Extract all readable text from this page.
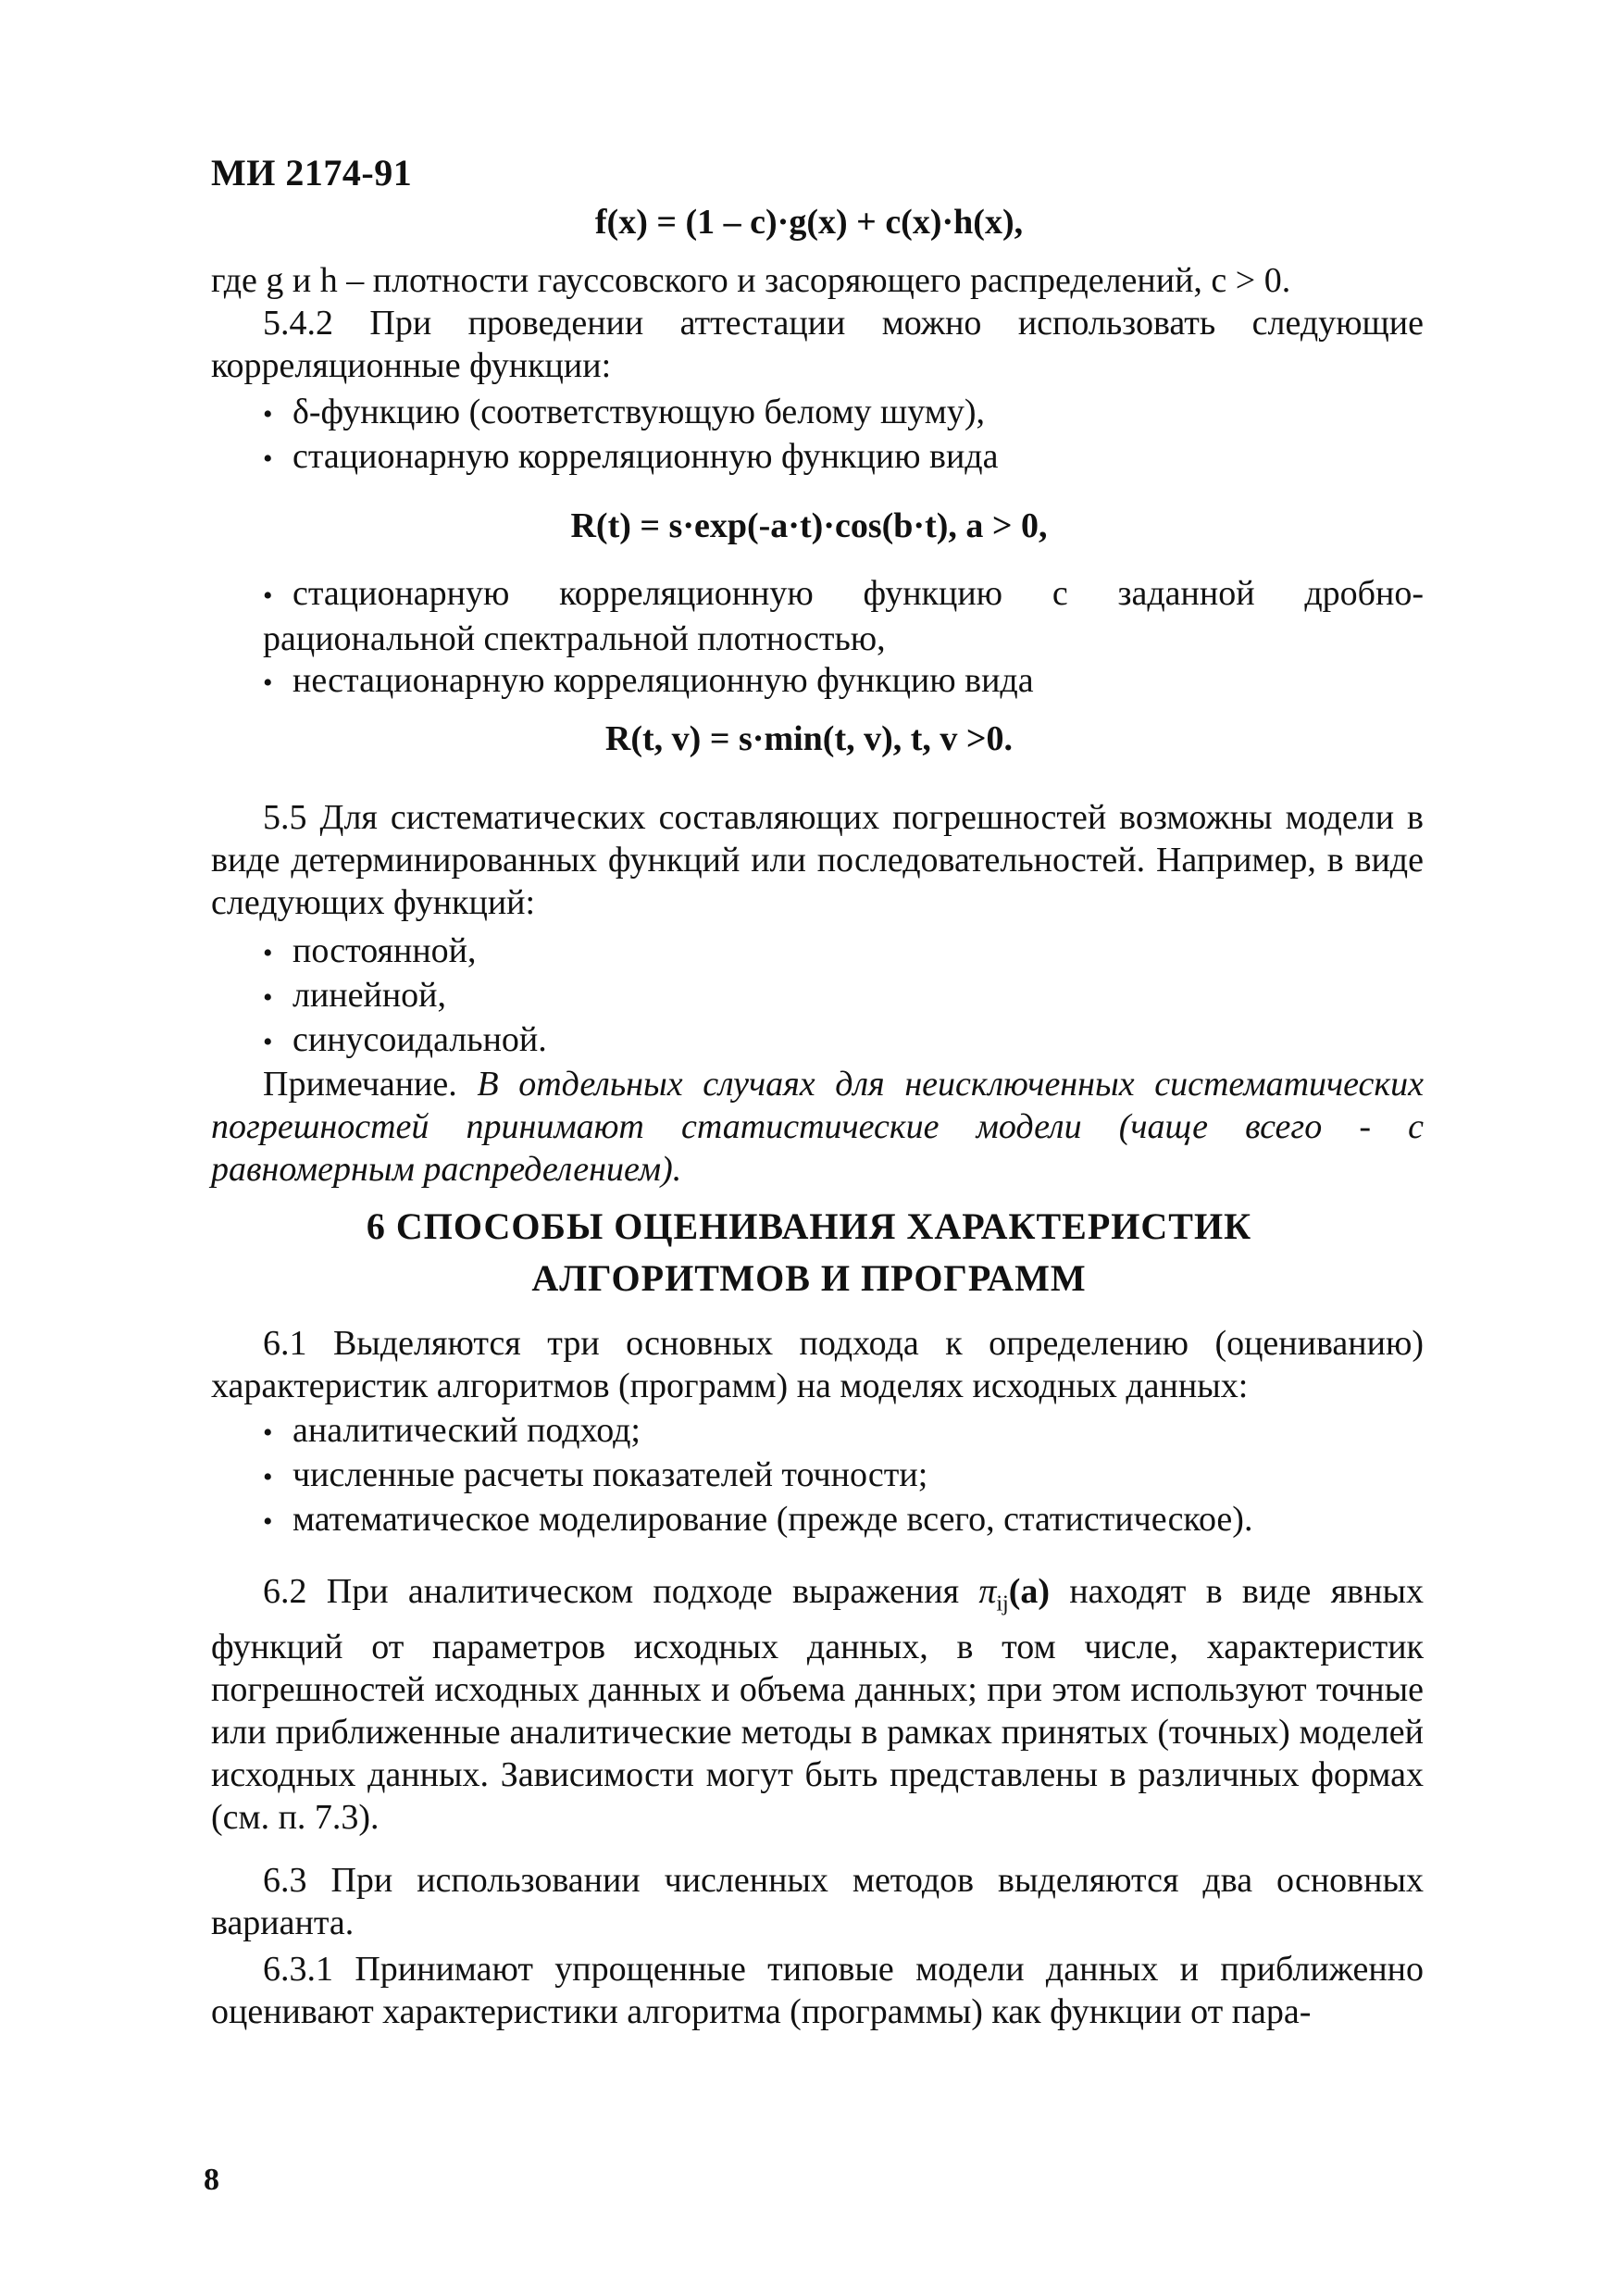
МИ 2174-91
f(x) = (1 – c)·g(x) + c(x)·h(x),
где g и h – плотности гауссовского и засоряющего распределений, c > 0.
5.4.2 При проведении аттестации можно использовать следующие корреляционные функции:
• δ-функцию (соответствующую белому шуму),
• стационарную корреляционную функцию вида
R(t) = s·exp(-a·t)·cos(b·t), a > 0,
• стационарную корреляционную функцию с заданной дробно-рациональной спектральной плотностью,
• нестационарную корреляционную функцию вида
R(t, v) = s·min(t, v), t, v >0.
5.5 Для систематических составляющих погрешностей возможны модели в виде детерминированных функций или последовательностей. Например, в виде следующих функций:
• постоянной,
• линейной,
• синусоидальной.
Примечание. В отдельных случаях для неисключенных систематических погрешностей принимают статистические модели (чаще всего - с равномерным распределением).
6 СПОСОБЫ ОЦЕНИВАНИЯ ХАРАКТЕРИСТИК
АЛГОРИТМОВ И ПРОГРАММ
6.1 Выделяются три основных подхода к определению (оцениванию) характеристик алгоритмов (программ) на моделях исходных данных:
• аналитический подход;
• численные расчеты показателей точности;
• математическое моделирование (прежде всего, статистическое).
6.2 При аналитическом подходе выражения $\pi_{ij}(a)$ находят в виде явных функций от параметров исходных данных, в том числе, характеристик погрешностей исходных данных и объема данных; при этом используют точные или приближенные аналитические методы в рамках принятых (точных) моделей исходных данных. Зависимости могут быть представлены в различных формах (см. п. 7.3).
6.3 При использовании численных методов выделяются два основных варианта.
6.3.1 Принимают упрощенные типовые модели данных и приближенно оценивают характеристики алгоритма (программы) как функции от пара-
8
